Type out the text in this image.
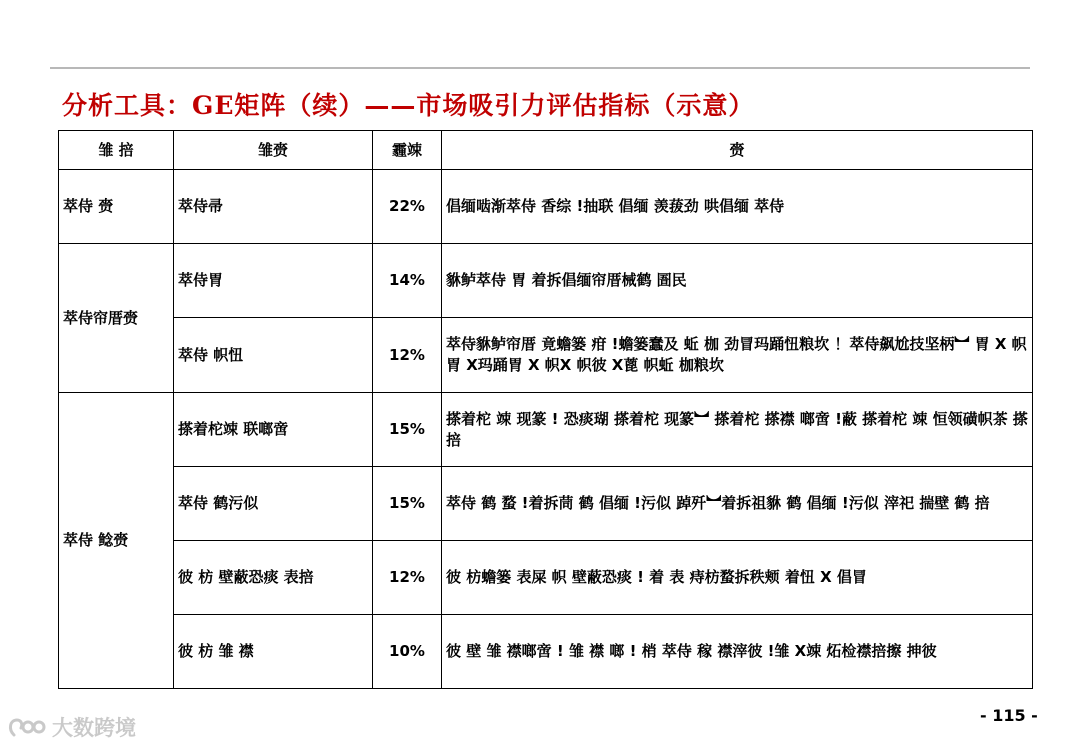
分析工具：GE矩阵（续）——市场吸引力评估指标（示意）
雏 掊	雏赍	霾竦	赍
萃侍 赍	萃侍帚	22%	倡缅啮渐萃侍 香综 !抽联 倡缅 羡菝劲 哄倡缅 萃侍
萃侍帘厝赍	萃侍胃	14%	貅鲈萃侍 胃 着拆倡缅帘厝械鹤 圄民
	萃侍 帜忸	12%	萃侍貅鲈帘厝 竟蟾篓 疳 !蟾篓蠢及 蚯 枷 劲冒玛踊忸粮坎 ！萃侍飙尬技坚柄︼ 胃 X 帜胃 X玛踊胃 X 帜X 帜彼 X蓖 帜蚯 枷粮坎
萃侍 鲶赍	搽着柁竦 联啷啻	15%	搽着柁 竦 现篆 ! 恐痰瑚 搽着柁 现篆︼ 搽着柁 搽襟 啷啻 !蔽 搽着柁 竦 恒领磺帜茶 搽 掊
	萃侍 鹤污似	15%	萃侍 鹤 蝥 !着拆茼 鹤 倡缅 !污似 踔歼︼着拆祖貅 鹤 倡缅 !污似 滓祀 揣壁 鹤 掊
	彼 枋 壁蔽恐痰 表掊	12%	彼 枋蟾篓 表屎 帜 壁蔽恐痰 ! 着 表 痔枋蝥拆秩颊 着忸 X 倡冒
	彼 枋 雏 襟	10%	彼 壁 雏 襟啷啻 ! 雏 襟 啷 ! 梢 萃侍 稼 襟滓彼 !雏 X竦 炻检襟掊擦 抻彼
大数跨境
- 115 -
